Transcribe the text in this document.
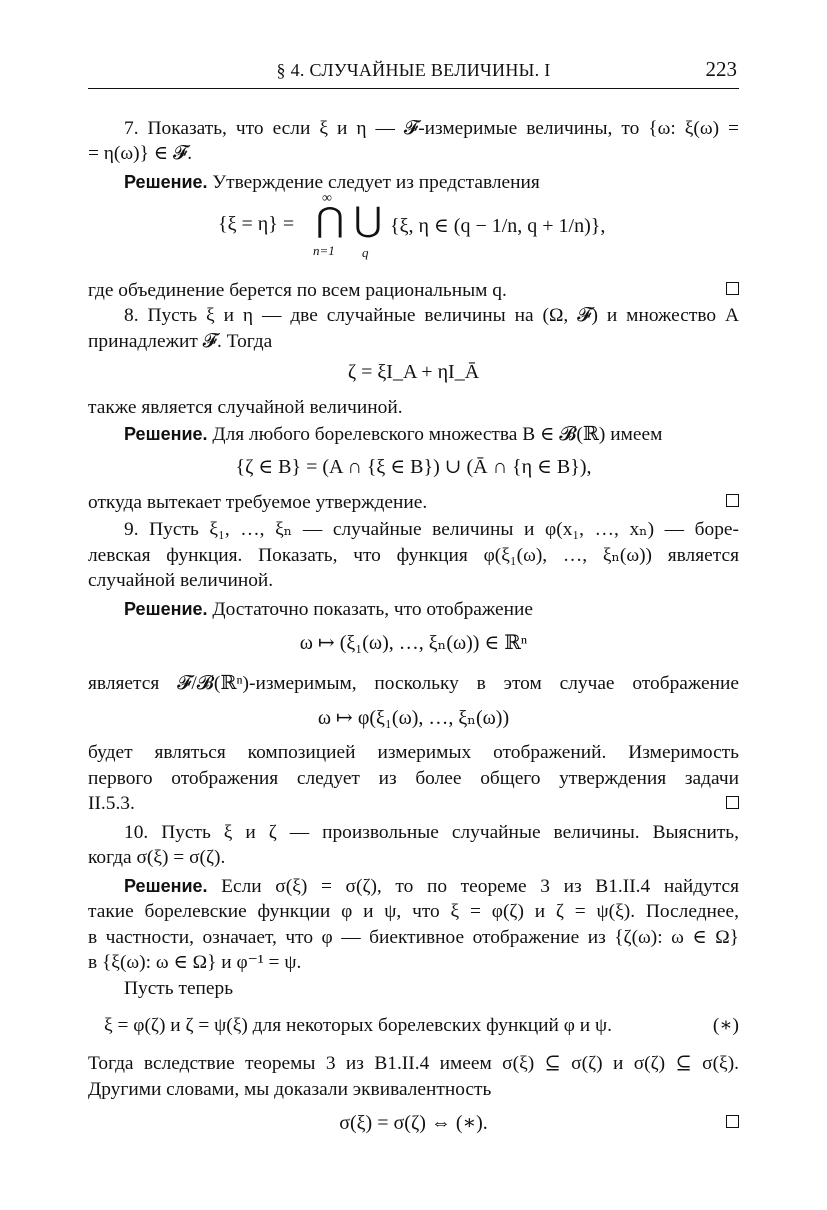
§ 4. СЛУЧАЙНЫЕ ВЕЛИЧИНЫ. I	223
7. Показать, что если ξ и η — 𝓕-измеримые величины, то {ω: ξ(ω) =
= η(ω)} ∈ 𝓕.
Решение. Утверждение следует из представления
{ξ = η} =
∞
⋂
n=1
⋃
q
{ξ, η ∈ (q − 1/n, q + 1/n)},
где объединение берется по всем рациональным q.
8. Пусть ξ и η — две случайные величины на (Ω, 𝓕) и множество A
принадлежит 𝓕. Тогда
ζ = ξI_A + ηI_Ā
также является случайной величиной.
Решение. Для любого борелевского множества B ∈ 𝓑(ℝ) имеем
{ζ ∈ B} = (A ∩ {ξ ∈ B}) ∪ (Ā ∩ {η ∈ B}),
откуда вытекает требуемое утверждение.
9. Пусть ξ₁, …, ξₙ — случайные величины и φ(x₁, …, xₙ) — боре-
левская функция. Показать, что функция φ(ξ₁(ω), …, ξₙ(ω)) является
случайной величиной.
Решение. Достаточно показать, что отображение
ω ↦ (ξ₁(ω), …, ξₙ(ω)) ∈ ℝⁿ
является 𝓕/𝓑(ℝⁿ)-измеримым, поскольку в этом случае отображение
ω ↦ φ(ξ₁(ω), …, ξₙ(ω))
будет являться композицией измеримых отображений. Измеримость
первого отображения следует из более общего утверждения задачи
II.5.3.
10. Пусть ξ и ζ — произвольные случайные величины. Выяснить,
когда σ(ξ) = σ(ζ).
Решение. Если σ(ξ) = σ(ζ), то по теореме 3 из B1.II.4 найдутся
такие борелевские функции φ и ψ, что ξ = φ(ζ) и ζ = ψ(ξ). Последнее,
в частности, означает, что φ — биективное отображение из {ζ(ω): ω ∈ Ω}
в {ξ(ω): ω ∈ Ω} и φ⁻¹ = ψ.
Пусть теперь
ξ = φ(ζ) и ζ = ψ(ξ) для некоторых борелевских функций φ и ψ.	(∗)
Тогда вследствие теоремы 3 из B1.II.4 имеем σ(ξ) ⊆ σ(ζ) и σ(ζ) ⊆ σ(ξ).
Другими словами, мы доказали эквивалентность
σ(ξ) = σ(ζ) ⇔ (∗).
